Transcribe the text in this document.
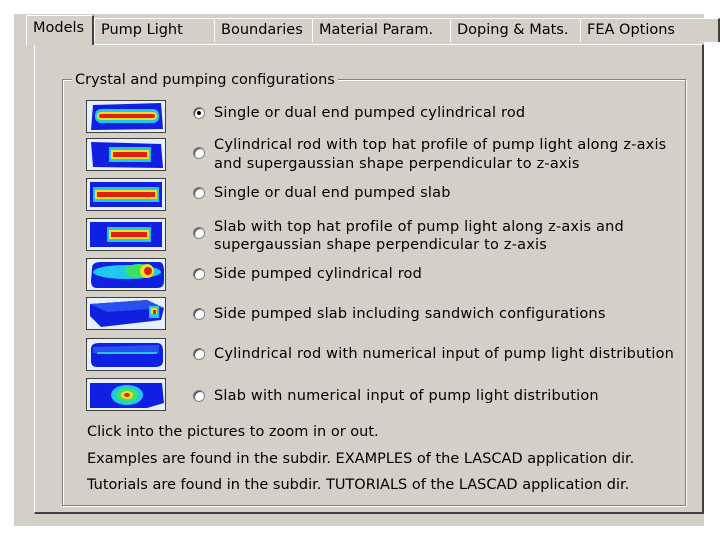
Models	Pump Light	Boundaries	Material Param.	Doping & Mats.	FEA Options
Crystal and pumping configurations
Single or dual end pumped cylindrical rod
Cylindrical rod with top hat profile of pump light along z-axis
and supergaussian shape perpendicular to z-axis
Single or dual end pumped slab
Slab with top hat profile of pump light along z-axis and
supergaussian shape perpendicular to z-axis
Side pumped cylindrical rod
Side pumped slab including sandwich configurations
Cylindrical rod with numerical input of pump light distribution
Slab with numerical input of pump light distribution
Click into the pictures to zoom in or out.
Examples are found in the subdir. EXAMPLES of the LASCAD application dir.
Tutorials are found in the subdir. TUTORIALS of the LASCAD application dir.
